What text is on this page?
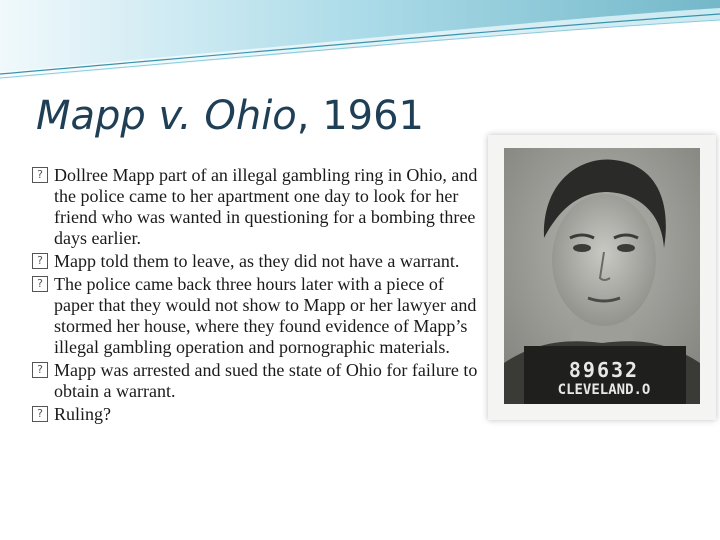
Mapp v. Ohio, 1961
? Dollree Mapp part of an illegal gambling ring in Ohio, and the police came to her apartment one day to look for her friend who was wanted in questioning for a bombing three days earlier.
? Mapp told them to leave, as they did not have a warrant.
? The police came back three hours later with a piece of paper that they would not show to Mapp or her lawyer and stormed her house, where they found evidence of Mapp’s illegal gambling operation and pornographic materials.
? Mapp was arrested and sued the state of Ohio for failure to obtain a warrant.
? Ruling?
89632
CLEVELAND.O
